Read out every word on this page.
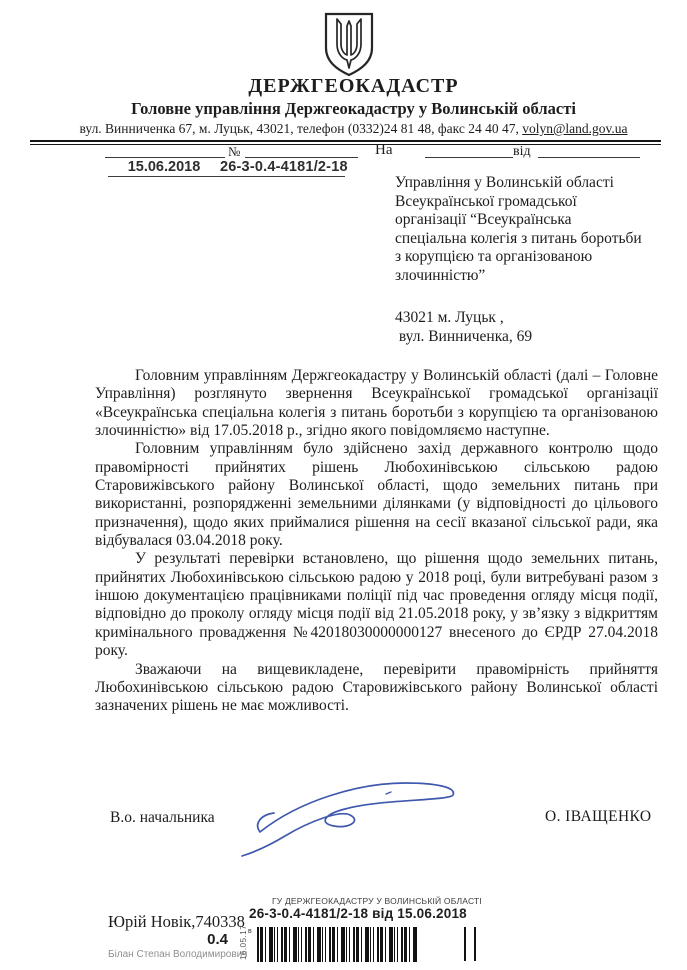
ДЕРЖГЕОКАДАСТР
Головне управління Держгеокадастру у Волинській області
вул. Винниченка 67, м. Луцьк, 43021, телефон (0332)24 81 48, факс 24 40 47, volyn@land.gov.ua
№	На	від
15.06.2018 26-3-0.4-4181/2-18
Управління у Волинській області
Всеукраїнської громадської
організації “Всеукраїнська
спеціальна колегія з питань боротьби
з корупцією та організованою
злочинністю”
43021 м. Луцьк ,
вул. Винниченка, 69

Головним управлінням Держгеокадастру у Волинській області (далі – Головне Управління) розглянуто звернення Всеукраїнської громадської організації «Всеукраїнська спеціальна колегія з питань боротьби з корупцією та організованою злочинністю» від 17.05.2018 р., згідно якого повідомляємо наступне.

Головним управлінням було здійснено захід державного контролю щодо правомірності прийнятих рішень Любохинівською сільською радою Старовижівського району Волинської області, щодо земельних питань при використанні, розпорядженні земельними ділянками (у відповідності до цільового призначення), щодо яких приймалися рішення на сесії вказаної сільської ради, яка відбувалася 03.04.2018 року.

У результаті перевірки встановлено, що рішення щодо земельних питань, прийнятих Любохинівською сільською радою у 2018 році, були витребувані разом з іншою документацією працівниками поліції під час проведення огляду місця події, відповідно до проколу огляду місця події від 21.05.2018 року, у зв’язку з відкриттям кримінального провадження №42018030000000127 внесеного до ЄРДР 27.04.2018 року.

Зважаючи на вищевикладене, перевірити правомірність прийняття Любохинівською сільською радою Старовижівського району Волинської області зазначених рішень не має можливості.

В.о. начальника	О. ІВАЩЕНКО
Юрій Новік,740338
0.4
Білан Степан Володимирович
16.05.17
ГУ ДЕРЖГЕОКАДАСТРУ У ВОЛИНСЬКІЙ ОБЛАСТІ
26-3-0.4-4181/2-18 від 15.06.2018
в
